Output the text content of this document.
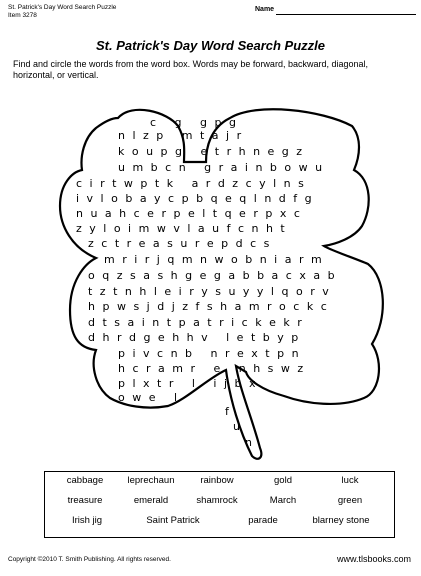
St. Patrick's Day Word Search Puzzle
Item 3278
Name
St. Patrick's Day Word Search Puzzle
Find and circle the words from the word box. Words may be forward, backward, diagonal, horizontal, or vertical.
c   g   g p g
n l z p   m t a j r
k o u p g   e t r h n e g z
u m b c n   g r a i n b o w u
c i r t w p t k   a r d z c y l n s
i v l o b a y c p b q e q l n d f g
n u a h c e r p e l t q e r p x c
z y l o i m w v l a u f c n h t
z c t r e a s u r e p d c s
m r i r j q m n w o b n i a r m
o q z s a s h g e g a b b a c x a b
t z t n h l e i r y s u y y l q o r v
h p w s j d j z f s h a m r o c k c
d t s a i n t p a t r i c k e k r
d h r d g e h h v   l e t b y p
p i v c n b   n r e x t p n
h c r a m r   e   n h s w z
p l x t r   l   i j b x
o w e   l
f
u
n
cabbage	leprechaun	rainbow	gold	luck
treasure	emerald	shamrock	March	green
Irish jig	Saint Patrick	parade	blarney stone
Copyright ©2010 T. Smith Publishing. All rights reserved.	www.tlsbooks.com
